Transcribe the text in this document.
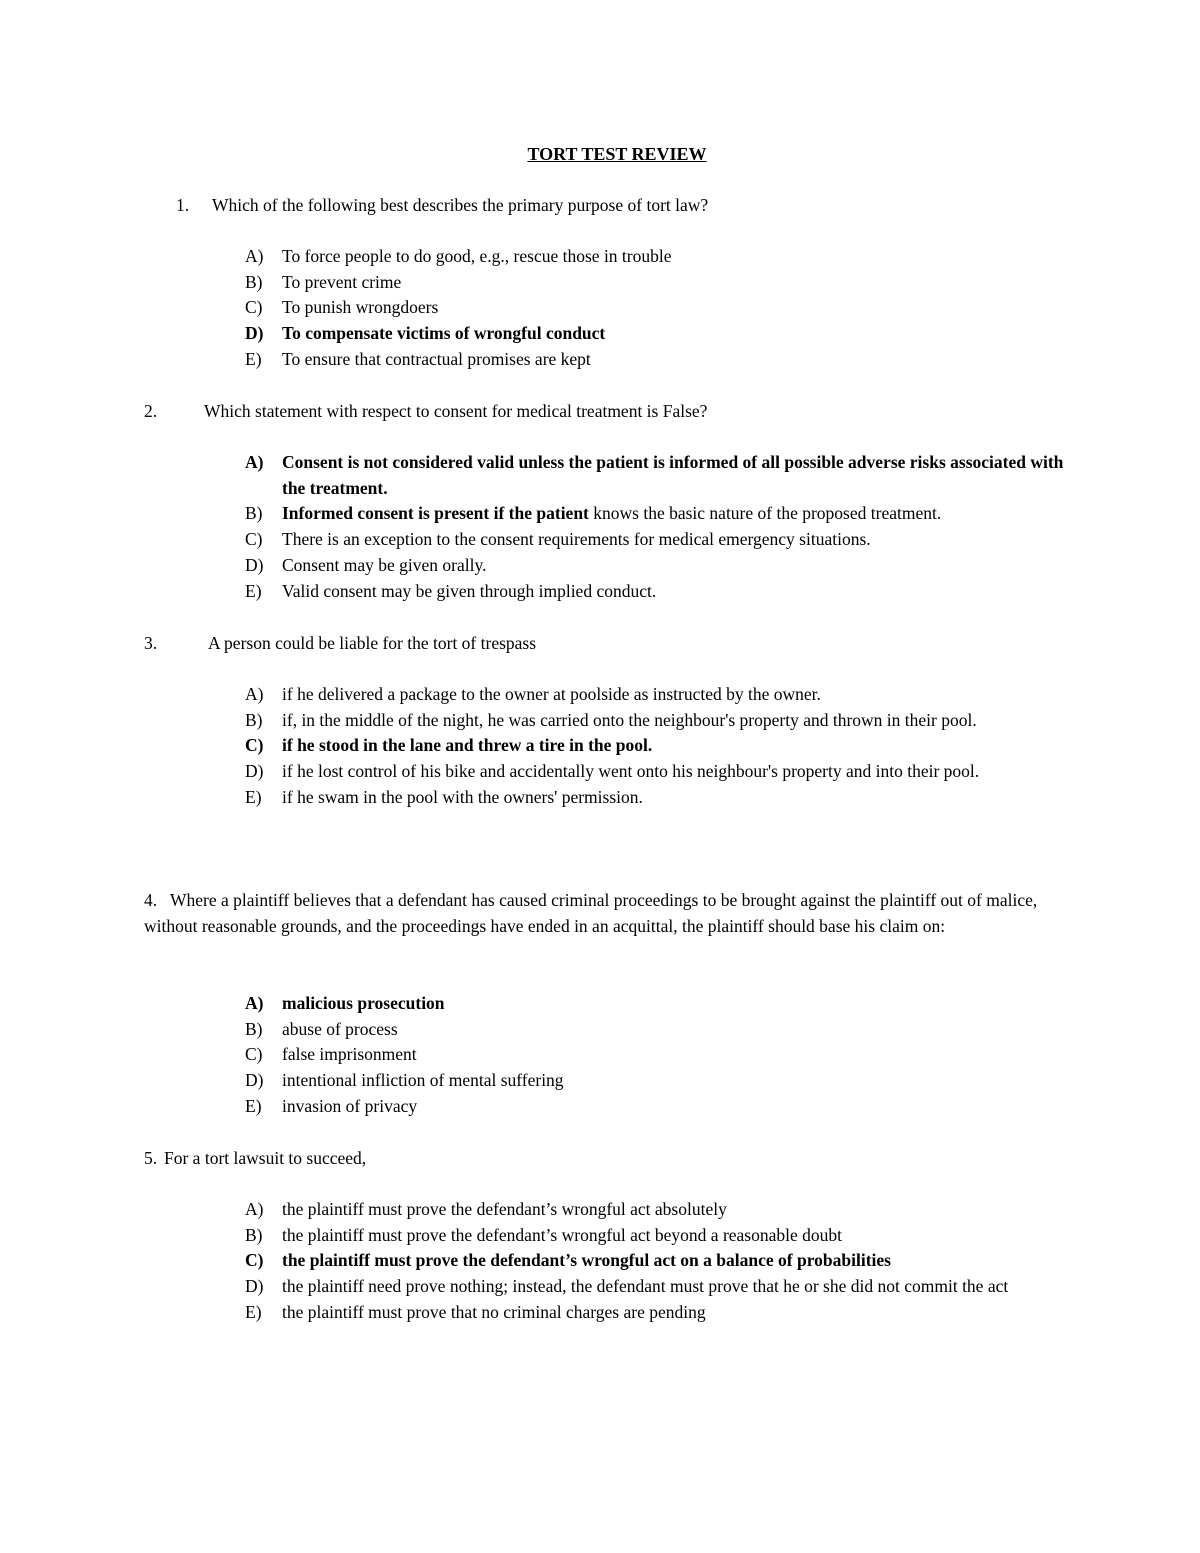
TORT TEST REVIEW
1. Which of the following best describes the primary purpose of tort law?
A)	To force people to do good, e.g., rescue those in trouble
B)	To prevent crime
C)	To punish wrongdoers
D)	To compensate victims of wrongful conduct
E)	To ensure that contractual promises are kept
2.	Which statement with respect to consent for medical treatment is False?
A)	Consent is not considered valid unless the patient is informed of all possible adverse risks associated with the treatment.
B)	Informed consent is present if the patient knows the basic nature of the proposed treatment.
C)	There is an exception to the consent requirements for medical emergency situations.
D)	Consent may be given orally.
E)	Valid consent may be given through implied conduct.
3.	A person could be liable for the tort of trespass
A)	if he delivered a package to the owner at poolside as instructed by the owner.
B)	if, in the middle of the night, he was carried onto the neighbour's property and thrown in their pool.
C)	if he stood in the lane and threw a tire in the pool.
D)	if he lost control of his bike and accidentally went onto his neighbour's property and into their pool.
E)	if he swam in the pool with the owners' permission.
4. Where a plaintiff believes that a defendant has caused criminal proceedings to be brought against the plaintiff out of malice, without reasonable grounds, and the proceedings have ended in an acquittal, the plaintiff should base his claim on:
A)	malicious prosecution
B)	abuse of process
C)	false imprisonment
D)	intentional infliction of mental suffering
E)	invasion of privacy
5. For a tort lawsuit to succeed,
A)	the plaintiff must prove the defendant’s wrongful act absolutely
B)	the plaintiff must prove the defendant’s wrongful act beyond a reasonable doubt
C)	the plaintiff must prove the defendant’s wrongful act on a balance of probabilities
D)	the plaintiff need prove nothing; instead, the defendant must prove that he or she did not commit the act
E)	the plaintiff must prove that no criminal charges are pending
